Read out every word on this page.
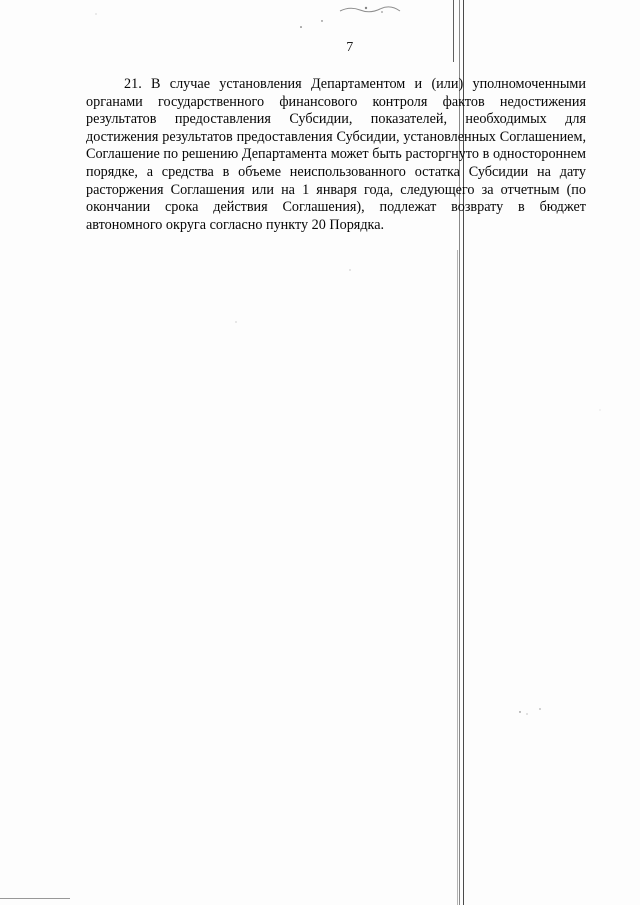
7

21. В случае установления Департаментом и (или) уполномоченными органами государственного финансового контроля фактов недостижения результатов предоставления Субсидии, показателей, необходимых для достижения результатов предоставления Субсидии, установленных Соглашением, Соглашение по решению Департамента может быть расторгнуто в одностороннем порядке, а средства в объеме неиспользованного остатка Субсидии на дату расторжения Соглашения или на 1 января года, следующего за отчетным (по окончании срока действия Соглашения), подлежат возврату в бюджет автономного округа согласно пункту 20 Порядка.
